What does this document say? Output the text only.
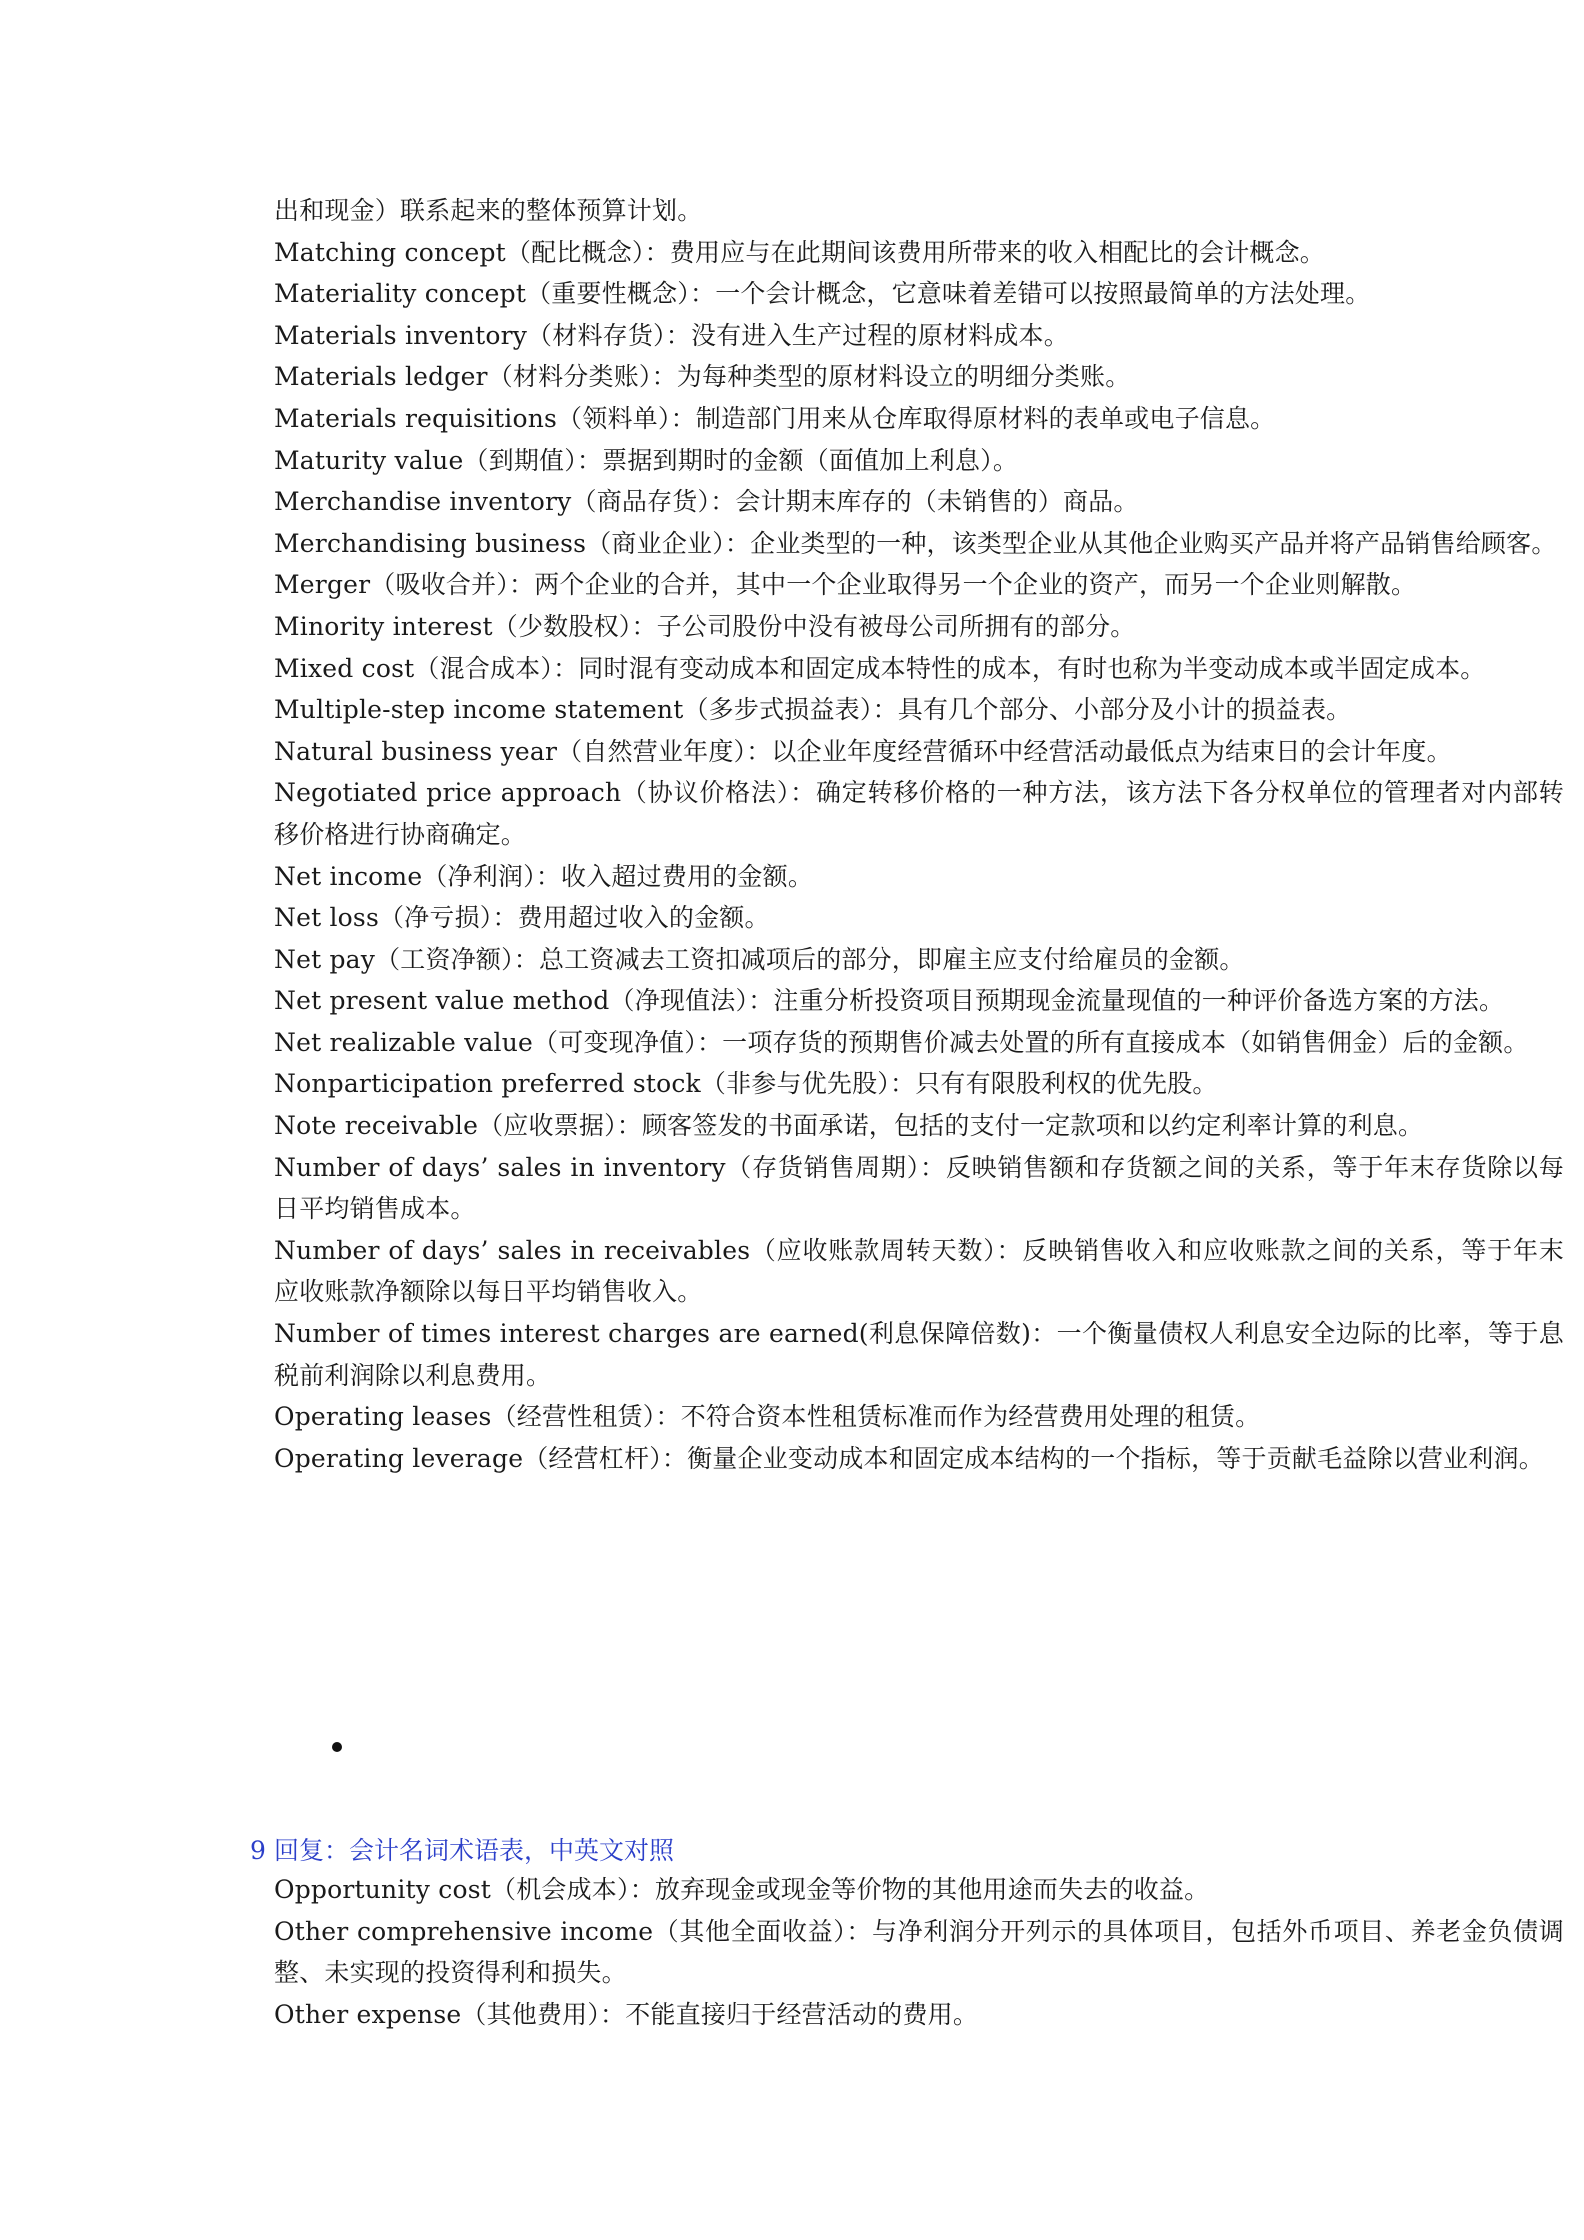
出和现金）联系起来的整体预算计划。

Matching concept（配比概念）：费用应与在此期间该费用所带来的收入相配比的会计概念。

Materiality concept（重要性概念）：一个会计概念，它意味着差错可以按照最简单的方法处理。

Materials inventory（材料存货）：没有进入生产过程的原材料成本。

Materials ledger（材料分类账）：为每种类型的原材料设立的明细分类账。

Materials requisitions（领料单）：制造部门用来从仓库取得原材料的表单或电子信息。

Maturity value（到期值）：票据到期时的金额（面值加上利息）。

Merchandise inventory（商品存货）：会计期末库存的（未销售的）商品。

Merchandising business（商业企业）：企业类型的一种，该类型企业从其他企业购买产品并将产品销售给顾客。

Merger（吸收合并）：两个企业的合并，其中一个企业取得另一个企业的资产，而另一个企业则解散。

Minority interest（少数股权）：子公司股份中没有被母公司所拥有的部分。

Mixed cost（混合成本）：同时混有变动成本和固定成本特性的成本，有时也称为半变动成本或半固定成本。

Multiple-step income statement（多步式损益表）：具有几个部分、小部分及小计的损益表。

Natural business year（自然营业年度）：以企业年度经营循环中经营活动最低点为结束日的会计年度。

Negotiated price approach（协议价格法）：确定转移价格的一种方法，该方法下各分权单位的管理者对内部转移价格进行协商确定。

Net income（净利润）：收入超过费用的金额。

Net loss（净亏损）：费用超过收入的金额。

Net pay（工资净额）：总工资减去工资扣减项后的部分，即雇主应支付给雇员的金额。

Net present value method（净现值法）：注重分析投资项目预期现金流量现值的一种评价备选方案的方法。

Net realizable value（可变现净值）：一项存货的预期售价减去处置的所有直接成本（如销售佣金）后的金额。

Nonparticipation preferred stock（非参与优先股）：只有有限股利权的优先股。

Note receivable（应收票据）：顾客签发的书面承诺，包括的支付一定款项和以约定利率计算的利息。

Number of days’ sales in inventory（存货销售周期）：反映销售额和存货额之间的关系，等于年末存货除以每日平均销售成本。

Number of days’ sales in receivables（应收账款周转天数）：反映销售收入和应收账款之间的关系，等于年末应收账款净额除以每日平均销售收入。

Number of times interest charges are earned(利息保障倍数)：一个衡量债权人利息安全边际的比率，等于息税前利润除以利息费用。

Operating leases（经营性租赁）：不符合资本性租赁标准而作为经营费用处理的租赁。

Operating leverage（经营杠杆）：衡量企业变动成本和固定成本结构的一个指标，等于贡献毛益除以营业利润。

9 回复：会计名词术语表，中英文对照

Opportunity cost（机会成本）：放弃现金或现金等价物的其他用途而失去的收益。

Other comprehensive income（其他全面收益）：与净利润分开列示的具体项目，包括外币项目、养老金负债调整、未实现的投资得利和损失。

Other expense（其他费用）：不能直接归于经营活动的费用。
